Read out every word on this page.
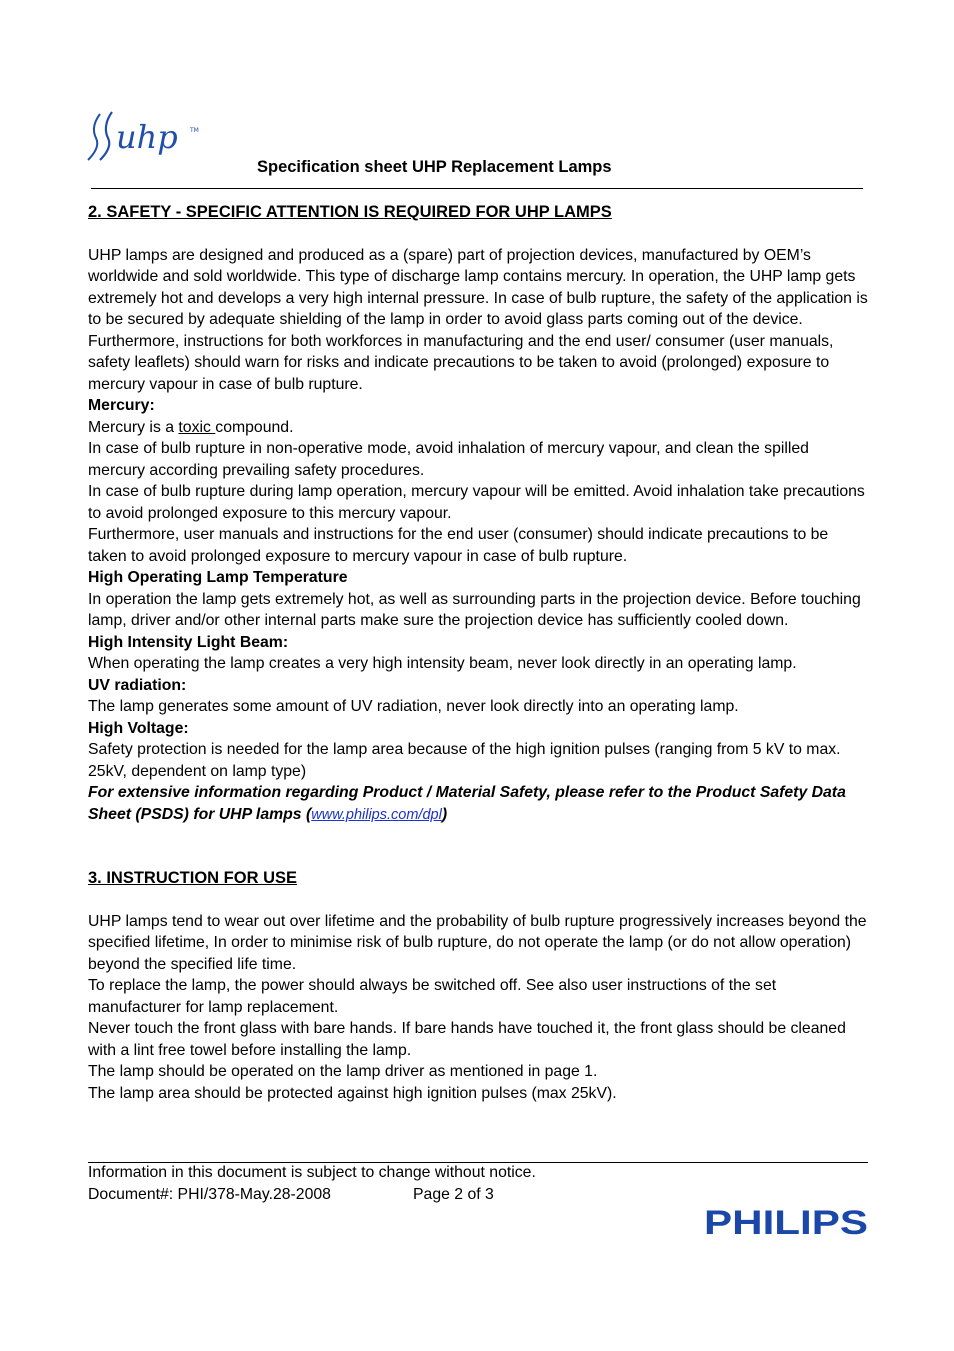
uhp TM
Specification sheet UHP Replacement Lamps

2. SAFETY - SPECIFIC ATTENTION IS REQUIRED FOR UHP LAMPS

UHP lamps are designed and produced as a (spare) part of projection devices, manufactured by OEM’s worldwide and sold worldwide. This type of discharge lamp contains mercury. In operation, the UHP lamp gets extremely hot and develops a very high internal pressure. In case of bulb rupture, the safety of the application is to be secured by adequate shielding of the lamp in order to avoid glass parts coming out of the device. Furthermore, instructions for both workforces in manufacturing and the end user/ consumer (user manuals, safety leaflets) should warn for risks and indicate precautions to be taken to avoid (prolonged) exposure to mercury vapour in case of bulb rupture.

Mercury:

Mercury is a toxic compound.

In case of bulb rupture in non-operative mode, avoid inhalation of mercury vapour, and clean the spilled mercury according prevailing safety procedures.

In case of bulb rupture during lamp operation, mercury vapour will be emitted. Avoid inhalation take precautions to avoid prolonged exposure to this mercury vapour.

Furthermore, user manuals and instructions for the end user (consumer) should indicate precautions to be taken to avoid prolonged exposure to mercury vapour in case of bulb rupture.

High Operating Lamp Temperature

In operation the lamp gets extremely hot, as well as surrounding parts in the projection device. Before touching lamp, driver and/or other internal parts make sure the projection device has sufficiently cooled down.

High Intensity Light Beam:

When operating the lamp creates a very high intensity beam, never look directly in an operating lamp.

UV radiation:

The lamp generates some amount of UV radiation, never look directly into an operating lamp.

High Voltage:

Safety protection is needed for the lamp area because of the high ignition pulses (ranging from 5 kV to max. 25kV, dependent on lamp type)

For extensive information regarding Product / Material Safety, please refer to the Product Safety Data Sheet (PSDS) for UHP lamps (www.philips.com/dpl)

3. INSTRUCTION FOR USE

UHP lamps tend to wear out over lifetime and the probability of bulb rupture progressively increases beyond the specified lifetime, In order to minimise risk of bulb rupture, do not operate the lamp (or do not allow operation) beyond the specified life time.

To replace the lamp, the power should always be switched off. See also user instructions of the set manufacturer for lamp replacement.

Never touch the front glass with bare hands. If bare hands have touched it, the front glass should be cleaned with a lint free towel before installing the lamp.

The lamp should be operated on the lamp driver as mentioned in page 1.

The lamp area should be protected against high ignition pulses (max 25kV).

Information in this document is subject to change without notice.
Document#: PHI/378-May.28-2008	Page 2 of 3
PHILIPS
